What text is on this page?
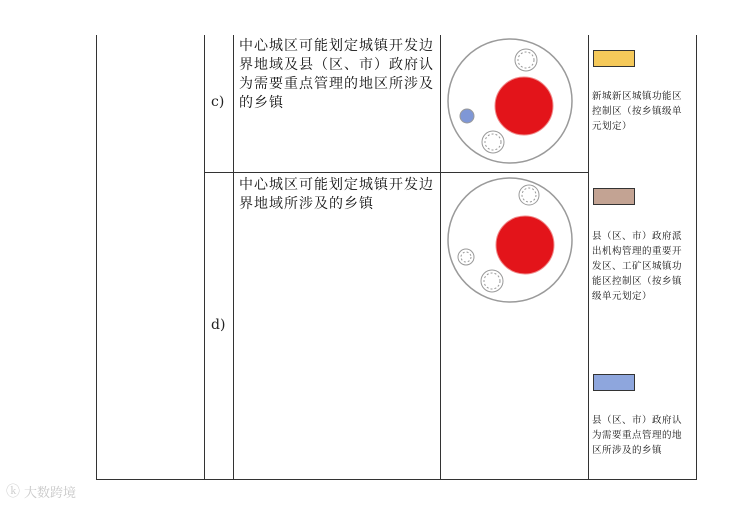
c)
中心城区可能划定城镇开发边界地域及县（区、市）政府认为需要重点管理的地区所涉及的乡镇
d)
中心城区可能划定城镇开发边界地域所涉及的乡镇
新城新区城镇功能区控制区（按乡镇级单元划定）
县（区、市）政府派出机构管理的重要开发区、工矿区城镇功能区控制区（按乡镇级单元划定）
县（区、市）政府认为需要重点管理的地区所涉及的乡镇
ⓚ 大数跨境
